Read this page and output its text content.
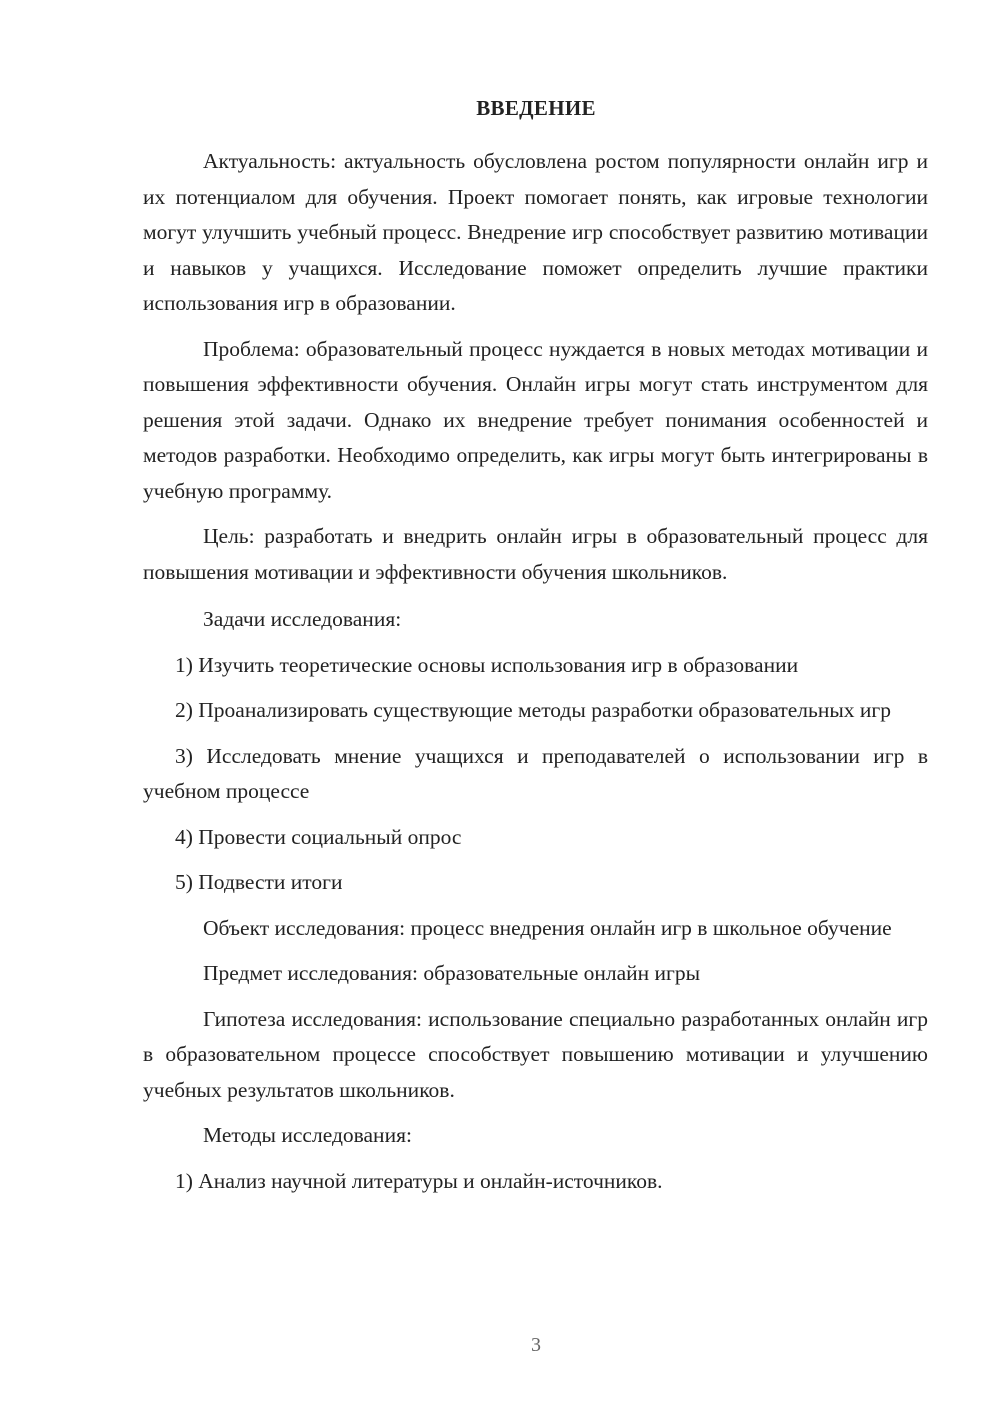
ВВЕДЕНИЕ

Актуальность: актуальность обусловлена ростом популярности онлайн игр и их потенциалом для обучения. Проект помогает понять, как игровые технологии могут улучшить учебный процесс. Внедрение игр способствует развитию мотивации и навыков у учащихся. Исследование поможет определить лучшие практики использования игр в образовании.

Проблема: образовательный процесс нуждается в новых методах мотивации и повышения эффективности обучения. Онлайн игры могут стать инструментом для решения этой задачи. Однако их внедрение требует понимания особенностей и методов разработки. Необходимо определить, как игры могут быть интегрированы в учебную программу.

Цель: разработать и внедрить онлайн игры в образовательный процесс для повышения мотивации и эффективности обучения школьников.

Задачи исследования:

1) Изучить теоретические основы использования игр в образовании

2) Проанализировать существующие методы разработки образовательных игр

3) Исследовать мнение учащихся и преподавателей о использовании игр в учебном процессе

4) Провести социальный опрос

5) Подвести итоги

Объект исследования: процесс внедрения онлайн игр в школьное обучение

Предмет исследования: образовательные онлайн игры

Гипотеза исследования: использование специально разработанных онлайн игр в образовательном процессе способствует повышению мотивации и улучшению учебных результатов школьников.

Методы исследования:

1) Анализ научной литературы и онлайн-источников.

3
